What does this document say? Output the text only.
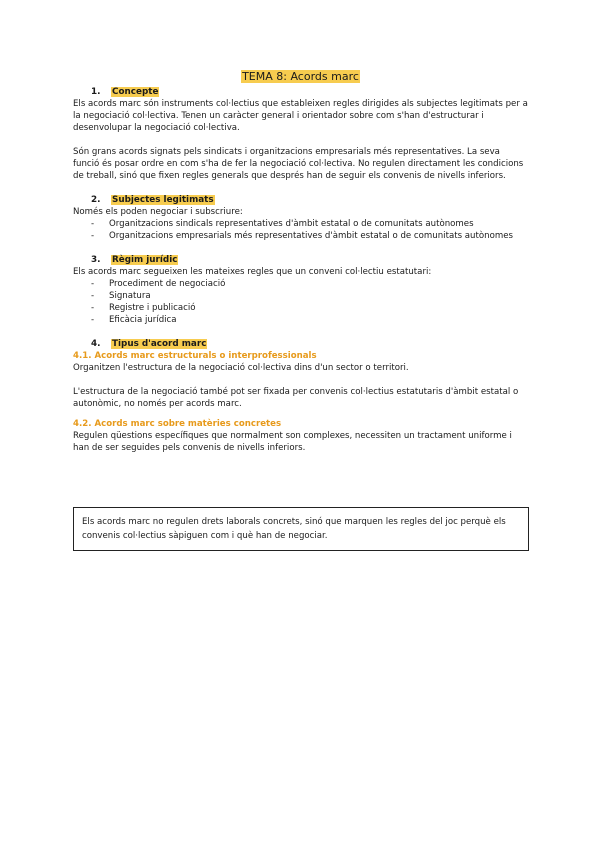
TEMA 8: Acords marc
1. Concepte

Els acords marc són instruments col·lectius que estableixen regles dirigides als subjectes legitimats per a la negociació col·lectiva. Tenen un caràcter general i orientador sobre com s'han d'estructurar i desenvolupar la negociació col·lectiva.

Són grans acords signats pels sindicats i organitzacions empresarials més representatives. La seva funció és posar ordre en com s'ha de fer la negociació col·lectiva. No regulen directament les condicions de treball, sinó que fixen regles generals que després han de seguir els convenis de nivells inferiors.

2. Subjectes legitimats

Només els poden negociar i subscriure:

- Organitzacions sindicals representatives d'àmbit estatal o de comunitats autònomes
- Organitzacions empresarials més representatives d'àmbit estatal o de comunitats autònomes
3. Règim jurídic

Els acords marc segueixen les mateixes regles que un conveni col·lectiu estatutari:

- Procediment de negociació
- Signatura
- Registre i publicació
- Eficàcia jurídica
4. Tipus d'acord marc

4.1. Acords marc estructurals o interprofessionals

Organitzen l'estructura de la negociació col·lectiva dins d'un sector o territori.

L'estructura de la negociació també pot ser fixada per convenis col·lectius estatutaris d'àmbit estatal o autonòmic, no només per acords marc.

4.2. Acords marc sobre matèries concretes

Regulen qüestions específiques que normalment son complexes, necessiten un tractament uniforme i han de ser seguides pels convenis de nivells inferiors.

Els acords marc no regulen drets laborals concrets, sinó que marquen les regles del joc perquè els convenis col·lectius sàpiguen com i què han de negociar.
